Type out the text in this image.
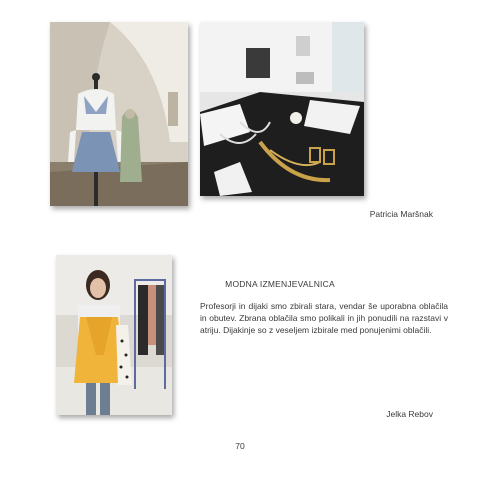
Patricia Maršnak
MODNA IZMENJEVALNICA
Profesorji in dijaki smo zbirali stara, vendar še uporabna oblačila in obutev. Zbrana oblačila smo polikali in jih ponudili na razstavi v atriju. Dijakinje so z veseljem izbirale med ponujenimi oblačili.
Jelka Rebov
70
